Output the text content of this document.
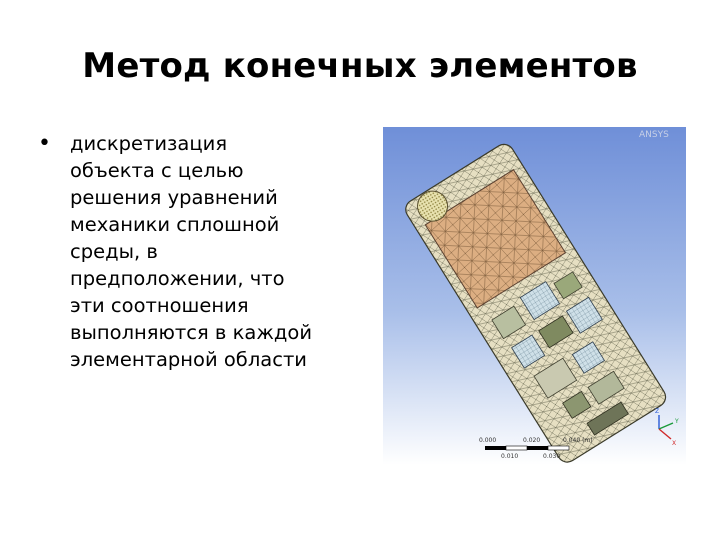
Метод конечных элементов
• дискретизация
объекта с целью
решения уравнений
механики сплошной
среды, в
предположении, что
эти соотношения
выполняются в каждой
элементарной области
ANSYS
0.000	0.020	0.040 (m)
0.010	0.030
Z
Y
X
